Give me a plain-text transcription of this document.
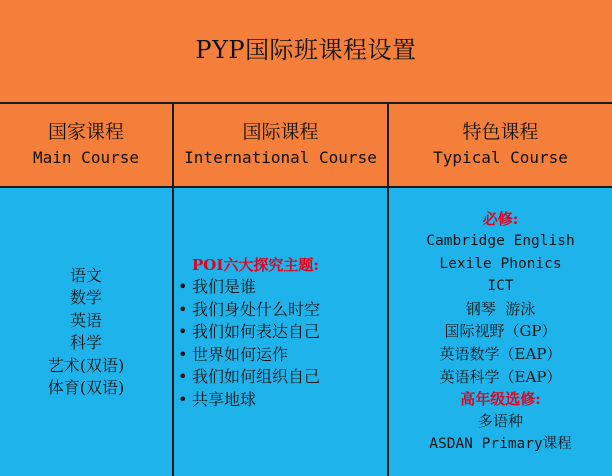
PYP国际班课程设置
国家课程
Main Course
国际课程
International Course
特色课程
Typical Course
语文
数学
英语
科学
艺术(双语)
体育(双语)
POI六大探究主题:
• 我们是谁
• 我们身处什么时空
• 我们如何表达自己
• 世界如何运作
• 我们如何组织自己
• 共享地球
必修:
Cambridge English
Lexile Phonics
ICT
钢琴  游泳
国际视野（GP）
英语数学（EAP）
英语科学（EAP）
高年级选修:
多语种
ASDAN Primary课程
